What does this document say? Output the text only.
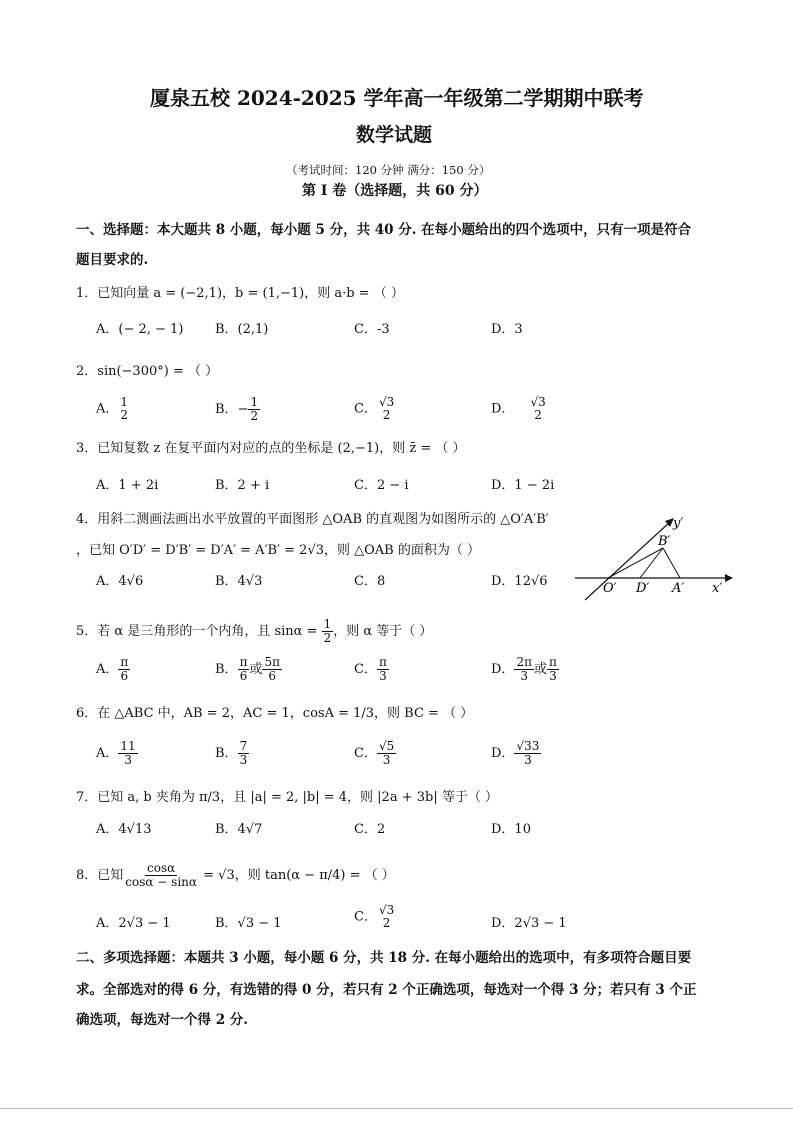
厦泉五校 2024-2025 学年高一年级第二学期期中联考
数学试题
（考试时间：120 分钟 满分：150 分）
第 I 卷（选择题，共 60 分）
一、选择题：本大题共 8 小题，每小题 5 分，共 40 分. 在每小题给出的四个选项中，只有一项是符合
题目要求的.
1．已知向量 a = (−2,1)，b = (1,−1)，则 a·b = （ ）
A．(− 2, − 1) B．(2,1)	C．-3	D．3
2．sin(−300°) = （ ）
A． 1
2	B．− $\frac{1}{2}$	C． √3
2	D． √3
2
3．已知复数 z 在复平面内对应的点的坐标是 (2,−1)，则 z̄ = （ ）
A．1 + 2i	B．2 + i	C．2 − i	D．1 − 2i
4．用斜二测画法画出水平放置的平面图形 △OAB 的直观图为如图所示的 △O′A′B′
，已知 O′D′ = D′B′ = D′A′ = A′B′ = 2√3，则 △OAB 的面积为（ ）
A．4√6	B．4√3	C．8	D．12√6
y′
B′
O′ D′ A′ x′
5．若 α 是三角形的一个内角，且 $\sin\alpha = \frac{1}{2}$ ，则 α 等于（ ）
A． $\frac{\pi}{6}$	B． $\frac{\pi}{6}$ 或 $\frac{5\pi}{6}$	C． $\frac{\pi}{3}$	D． $\frac{2\pi}{3}$ 或 $\frac{\pi}{3}$
6．在 △ABC 中，AB = 2，AC = 1，cosA = 1/3，则 BC = （ ）
A． $\frac{11}{3}$	B． $\frac{7}{3}$	C． $\frac{√5}{3}$	D． $\frac{√33}{3}$
7．已知 a, b 夹角为 π/3，且 |a| = 2, |b| = 4，则 |2a + 3b| 等于（ ）
A．4√13	B．4√7	C．2	D．10
8．已知 $\frac{\cos\alpha}{\cos\alpha - \sin\alpha} = √3$，则 tan(α − π/4) = （ ）
A．2√3 − 1	B．√3 − 1	C． √3
2	D．2√3 − 1
二、多项选择题：本题共 3 小题，每小题 6 分，共 18 分. 在每小题给出的选项中，有多项符合题目要
求。全部选对的得 6 分，有选错的得 0 分，若只有 2 个正确选项，每选对一个得 3 分；若只有 3 个正
确选项，每选对一个得 2 分.
